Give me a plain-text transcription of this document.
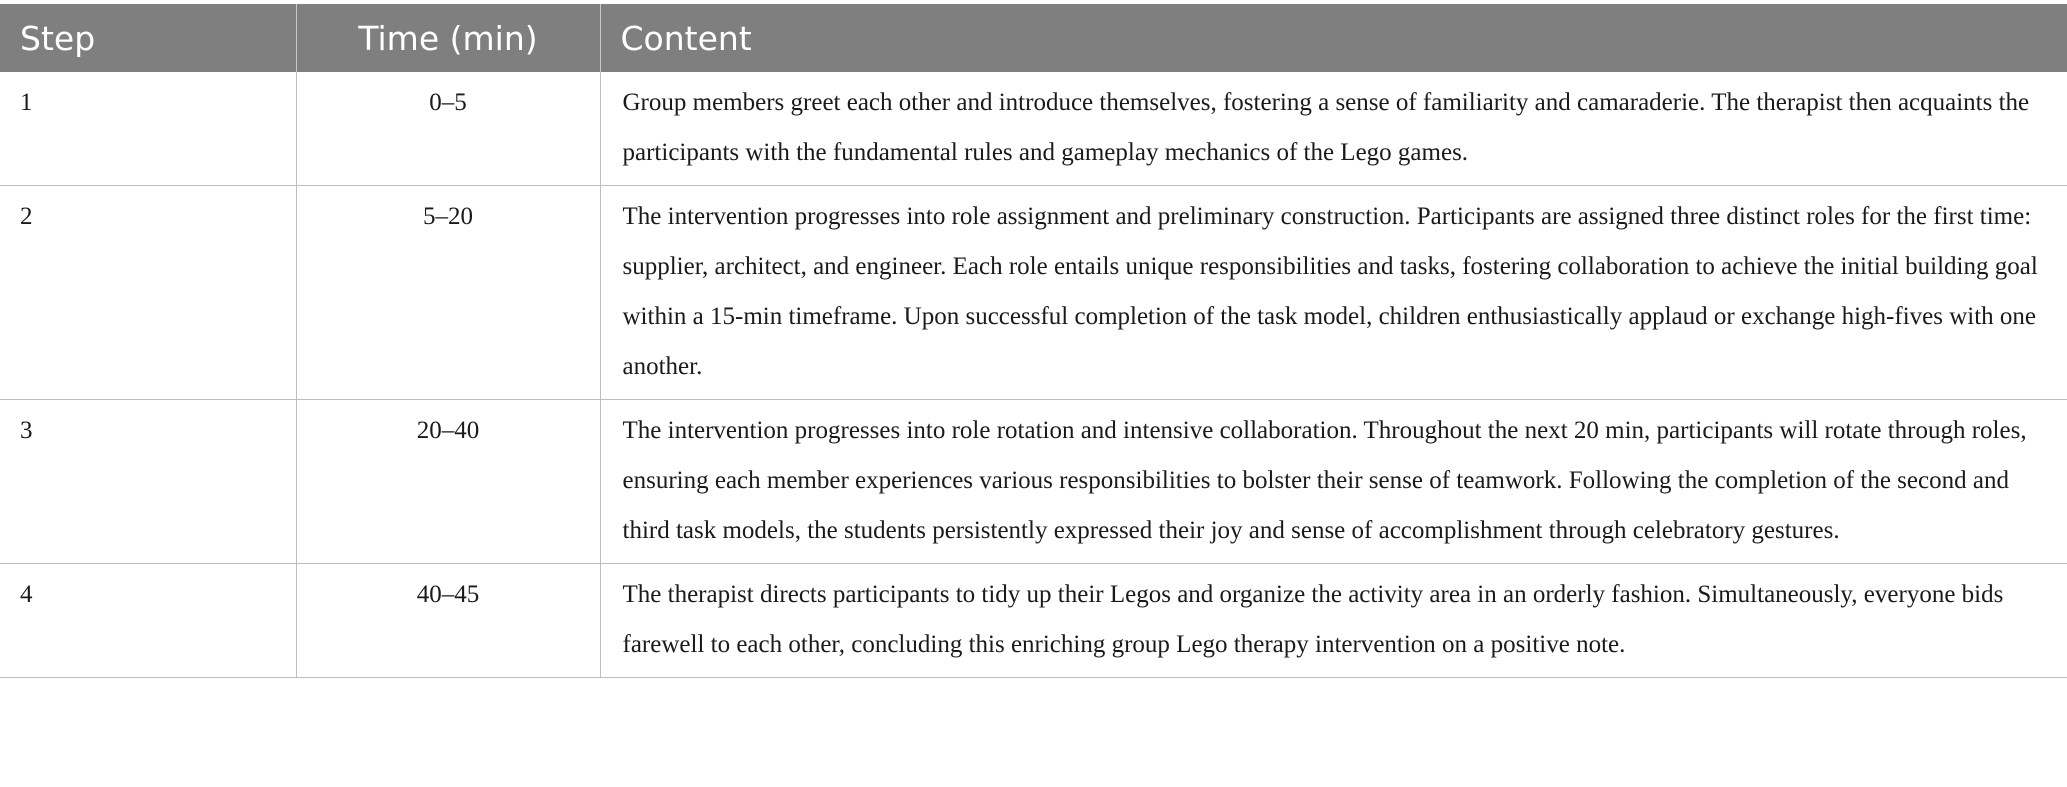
Step	Time (min)	Content
1	0–5	Group members greet each other and introduce themselves, fostering a sense of familiarity and camaraderie. The therapist then acquaints the participants with the fundamental rules and gameplay mechanics of the Lego games.
2	5–20	The intervention progresses into role assignment and preliminary construction. Participants are assigned three distinct roles for the first time: supplier, architect, and engineer. Each role entails unique responsibilities and tasks, fostering collaboration to achieve the initial building goal within a 15-min timeframe. Upon successful completion of the task model, children enthusiastically applaud or exchange high-fives with one another.
3	20–40	The intervention progresses into role rotation and intensive collaboration. Throughout the next 20 min, participants will rotate through roles, ensuring each member experiences various responsibilities to bolster their sense of teamwork. Following the completion of the second and third task models, the students persistently expressed their joy and sense of accomplishment through celebratory gestures.
4	40–45	The therapist directs participants to tidy up their Legos and organize the activity area in an orderly fashion. Simultaneously, everyone bids farewell to each other, concluding this enriching group Lego therapy intervention on a positive note.
